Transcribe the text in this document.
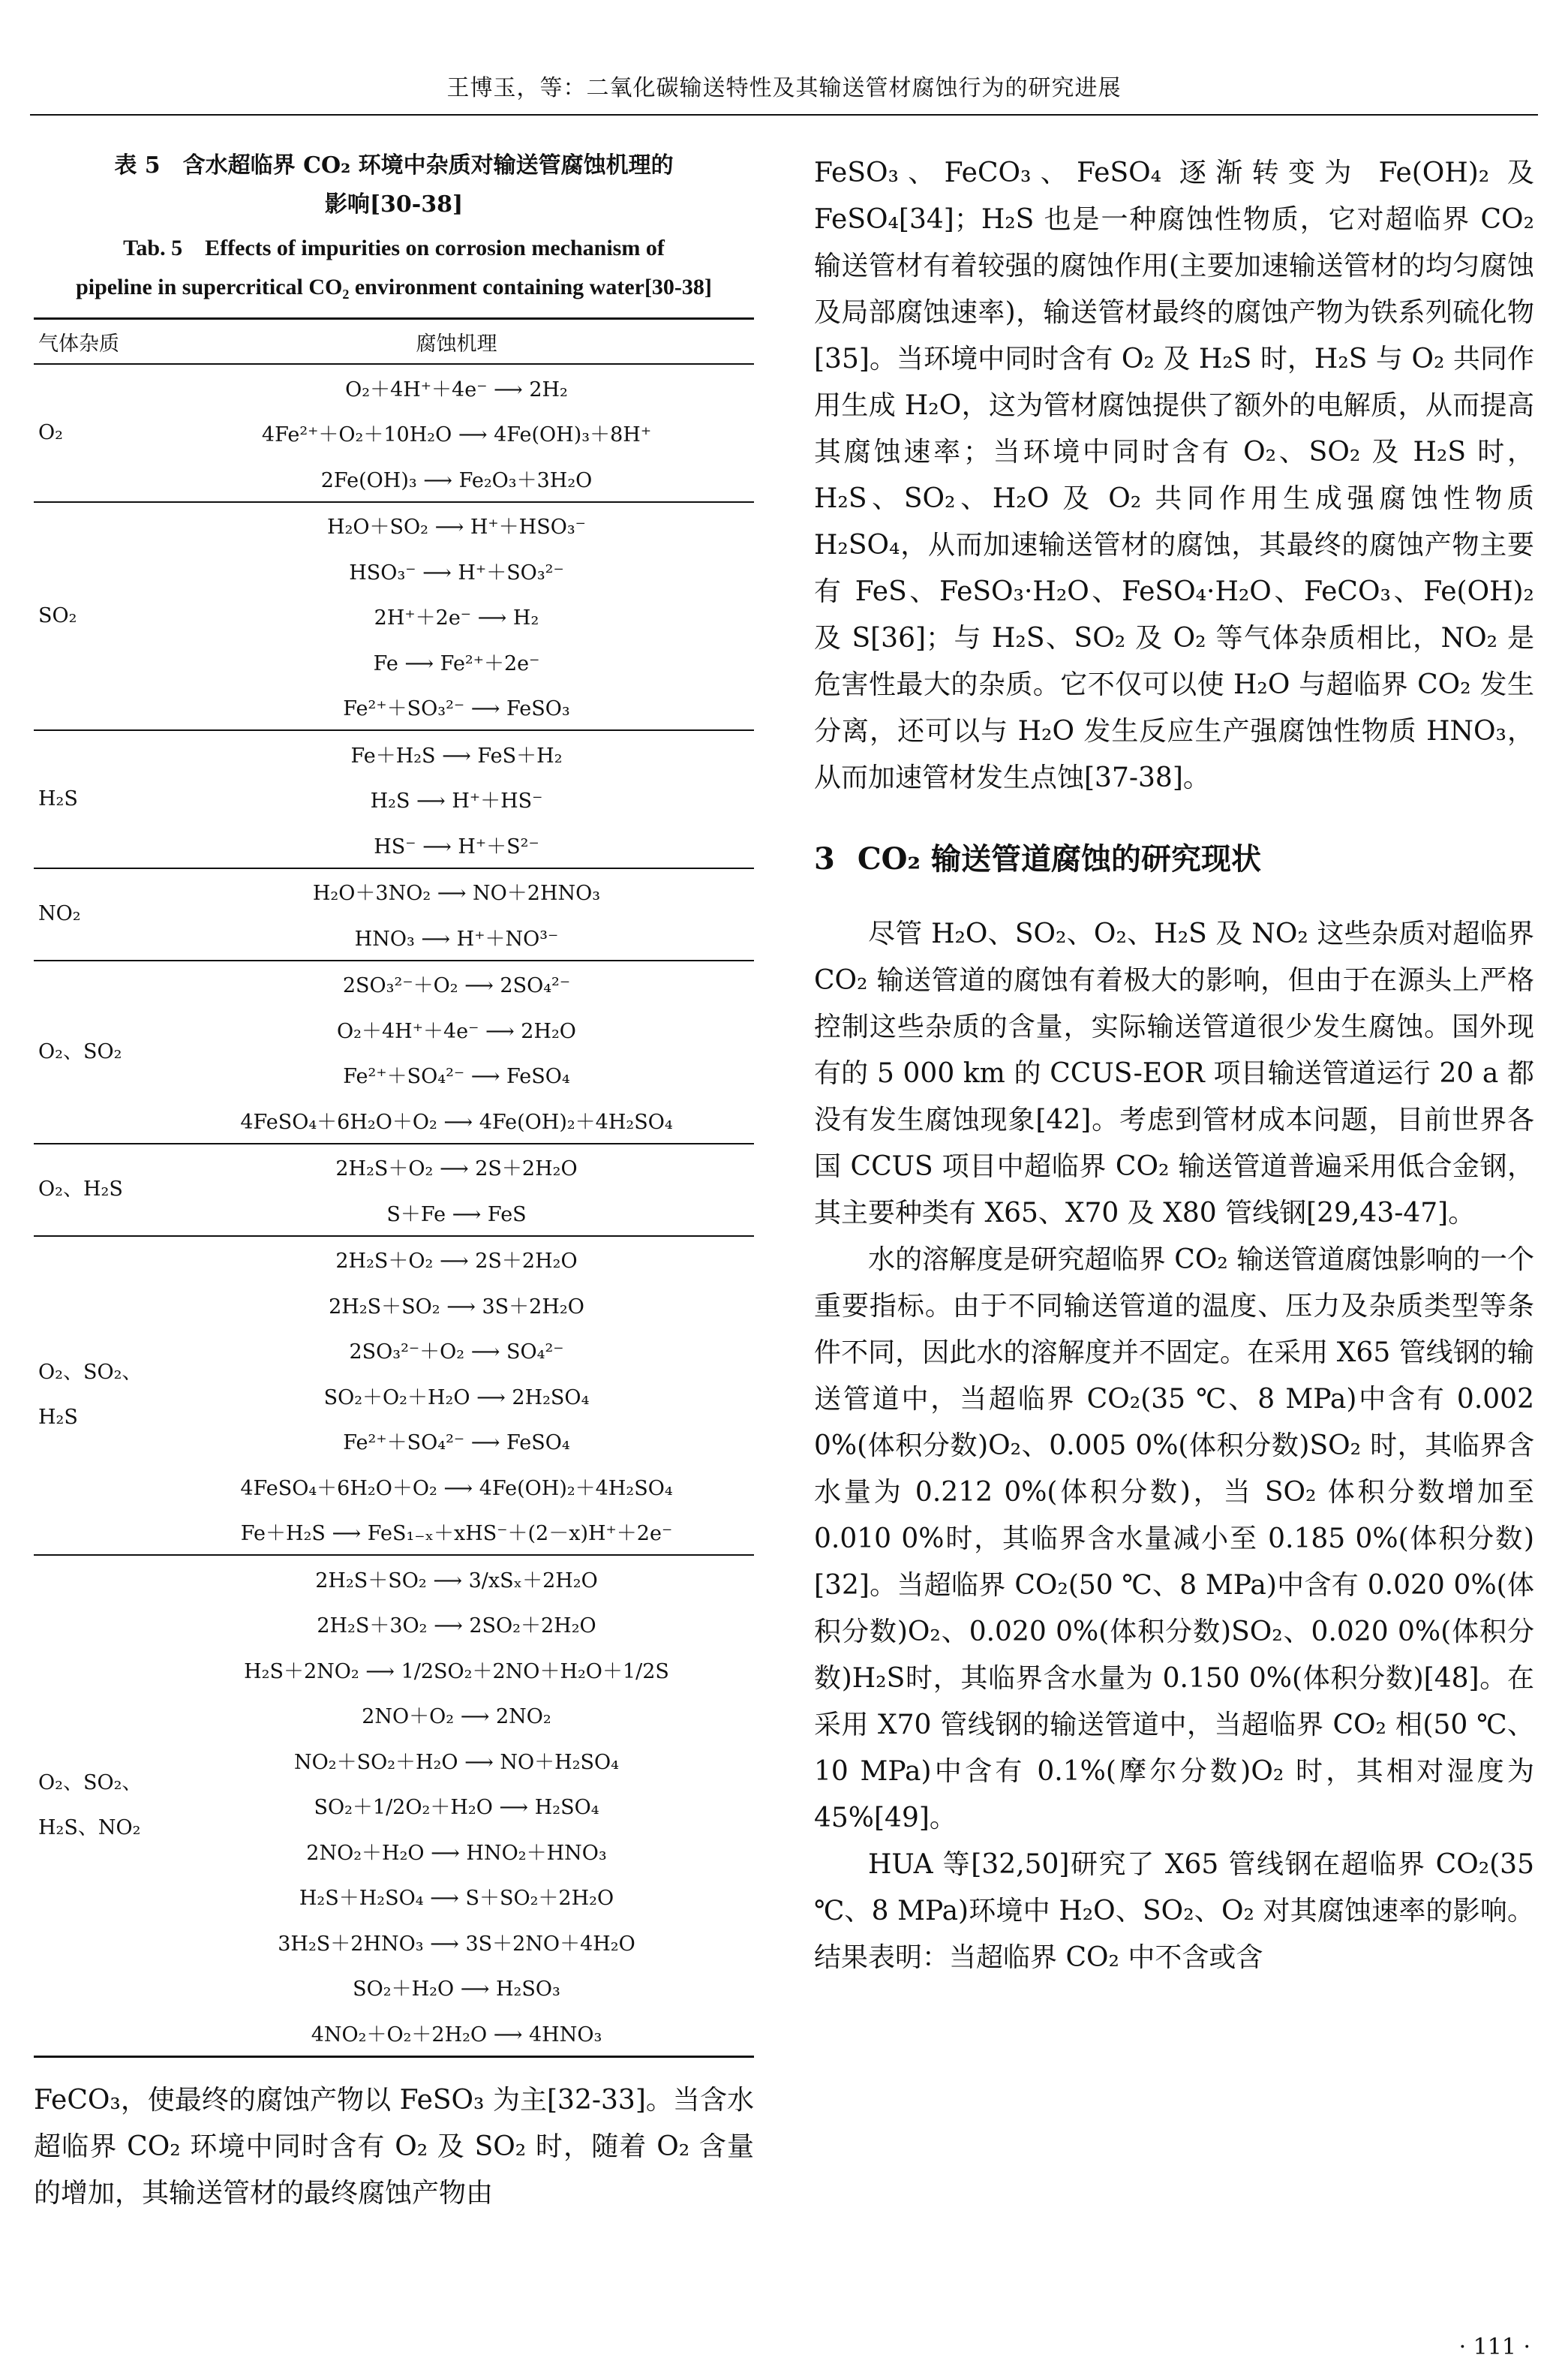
王博玉，等：二氧化碳输送特性及其输送管材腐蚀行为的研究进展
表 5　含水超临界 CO₂ 环境中杂质对输送管腐蚀机理的
影响[30-38]
Tab. 5　Effects of impurities on corrosion mechanism of
pipeline in supercritical CO₂ environment containing water[30-38]
气体杂质	腐蚀机理
O₂	O₂＋4H⁺＋4e⁻ ⟶ 2H₂
	4Fe²⁺＋O₂＋10H₂O ⟶ 4Fe(OH)₃＋8H⁺
	2Fe(OH)₃ ⟶ Fe₂O₃＋3H₂O
SO₂	H₂O＋SO₂ ⟶ H⁺＋HSO₃⁻
	HSO₃⁻ ⟶ H⁺＋SO₃²⁻
	2H⁺＋2e⁻ ⟶ H₂
	Fe ⟶ Fe²⁺＋2e⁻
	Fe²⁺＋SO₃²⁻ ⟶ FeSO₃
H₂S	Fe＋H₂S ⟶ FeS＋H₂
	H₂S ⟶ H⁺＋HS⁻
	HS⁻ ⟶ H⁺＋S²⁻
NO₂	H₂O＋3NO₂ ⟶ NO＋2HNO₃
	HNO₃ ⟶ H⁺＋NO³⁻
O₂、SO₂	2SO₃²⁻＋O₂ ⟶ 2SO₄²⁻
	O₂＋4H⁺＋4e⁻ ⟶ 2H₂O
	Fe²⁺＋SO₄²⁻ ⟶ FeSO₄
	4FeSO₄＋6H₂O＋O₂ ⟶ 4Fe(OH)₂＋4H₂SO₄
O₂、H₂S	2H₂S＋O₂ ⟶ 2S＋2H₂O
	S＋Fe ⟶ FeS
O₂、SO₂、H₂S	2H₂S＋O₂ ⟶ 2S＋2H₂O
	2H₂S＋SO₂ ⟶ 3S＋2H₂O
	2SO₃²⁻＋O₂ ⟶ SO₄²⁻
	SO₂＋O₂＋H₂O ⟶ 2H₂SO₄
	Fe²⁺＋SO₄²⁻ ⟶ FeSO₄
	4FeSO₄＋6H₂O＋O₂ ⟶ 4Fe(OH)₂＋4H₂SO₄
	Fe＋H₂S ⟶ FeS₁₋ₓ＋xHS⁻＋(2－x)H⁺＋2e⁻
O₂、SO₂、H₂S、NO₂	2H₂S＋SO₂ ⟶ 3/xSₓ＋2H₂O
	2H₂S＋3O₂ ⟶ 2SO₂＋2H₂O
	H₂S＋2NO₂ ⟶ 1/2SO₂＋2NO＋H₂O＋1/2S
	2NO＋O₂ ⟶ 2NO₂
	NO₂＋SO₂＋H₂O ⟶ NO＋H₂SO₄
	SO₂＋1/2O₂＋H₂O ⟶ H₂SO₄
	2NO₂＋H₂O ⟶ HNO₂＋HNO₃
	H₂S＋H₂SO₄ ⟶ S＋SO₂＋2H₂O
	3H₂S＋2HNO₃ ⟶ 3S＋2NO＋4H₂O
	SO₂＋H₂O ⟶ H₂SO₃
	4NO₂＋O₂＋2H₂O ⟶ 4HNO₃
FeCO₃，使最终的腐蚀产物以 FeSO₃ 为主[32-33]。当含水超临界 CO₂ 环境中同时含有 O₂ 及 SO₂ 时，随着 O₂ 含量的增加，其输送管材的最终腐蚀产物由

FeSO₃、FeCO₃、FeSO₄ 逐渐转变为 Fe(OH)₂ 及 FeSO₄[34]；H₂S 也是一种腐蚀性物质，它对超临界 CO₂ 输送管材有着较强的腐蚀作用(主要加速输送管材的均匀腐蚀及局部腐蚀速率)，输送管材最终的腐蚀产物为铁系列硫化物[35]。当环境中同时含有 O₂ 及 H₂S 时，H₂S 与 O₂ 共同作用生成 H₂O，这为管材腐蚀提供了额外的电解质，从而提高其腐蚀速率；当环境中同时含有 O₂、SO₂ 及 H₂S 时，H₂S、SO₂、H₂O 及 O₂ 共同作用生成强腐蚀性物质 H₂SO₄，从而加速输送管材的腐蚀，其最终的腐蚀产物主要有 FeS、FeSO₃·H₂O、FeSO₄·H₂O、FeCO₃、Fe(OH)₂ 及 S[36]；与 H₂S、SO₂ 及 O₂ 等气体杂质相比，NO₂ 是危害性最大的杂质。它不仅可以使 H₂O 与超临界 CO₂ 发生分离，还可以与 H₂O 发生反应生产强腐蚀性物质 HNO₃，从而加速管材发生点蚀[37-38]。

3 CO₂ 输送管道腐蚀的研究现状

尽管 H₂O、SO₂、O₂、H₂S 及 NO₂ 这些杂质对超临界 CO₂ 输送管道的腐蚀有着极大的影响，但由于在源头上严格控制这些杂质的含量，实际输送管道很少发生腐蚀。国外现有的 5 000 km 的 CCUS-EOR 项目输送管道运行 20 a 都没有发生腐蚀现象[42]。考虑到管材成本问题，目前世界各国 CCUS 项目中超临界 CO₂ 输送管道普遍采用低合金钢，其主要种类有 X65、X70 及 X80 管线钢[29,43-47]。

水的溶解度是研究超临界 CO₂ 输送管道腐蚀影响的一个重要指标。由于不同输送管道的温度、压力及杂质类型等条件不同，因此水的溶解度并不固定。在采用 X65 管线钢的输送管道中，当超临界 CO₂(35 ℃、8 MPa)中含有 0.002 0%(体积分数)O₂、0.005 0%(体积分数)SO₂ 时，其临界含水量为 0.212 0%(体积分数)，当 SO₂ 体积分数增加至 0.010 0%时，其临界含水量减小至 0.185 0%(体积分数)[32]。当超临界 CO₂(50 ℃、8 MPa)中含有 0.020 0%(体积分数)O₂、0.020 0%(体积分数)SO₂、0.020 0%(体积分数)H₂S时，其临界含水量为 0.150 0%(体积分数)[48]。在采用 X70 管线钢的输送管道中，当超临界 CO₂ 相(50 ℃、10 MPa)中含有 0.1%(摩尔分数)O₂ 时，其相对湿度为 45%[49]。

HUA 等[32,50]研究了 X65 管线钢在超临界 CO₂(35 ℃、8 MPa)环境中 H₂O、SO₂、O₂ 对其腐蚀速率的影响。结果表明：当超临界 CO₂ 中不含或含

· 111 ·
